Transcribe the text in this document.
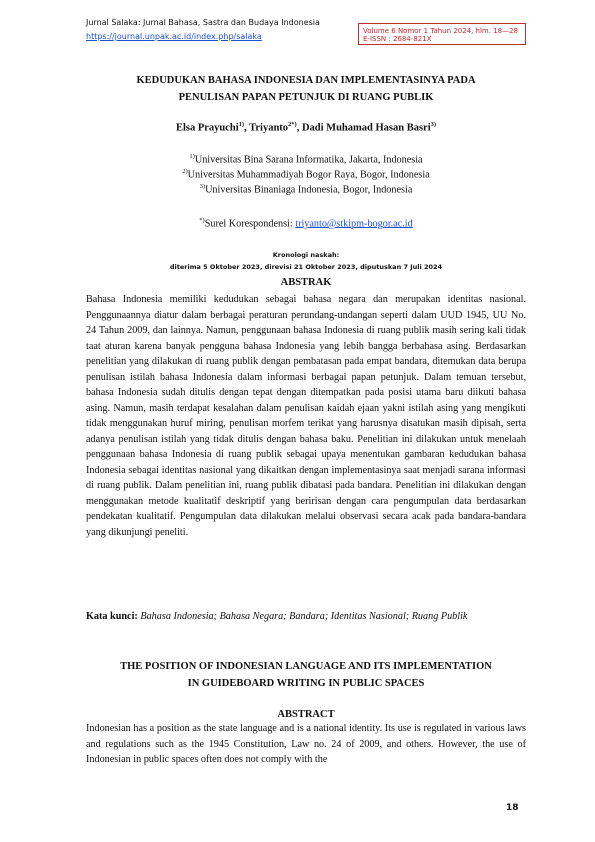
Jurnal Salaka: Jurnal Bahasa, Sastra dan Budaya Indonesia
https://journal.unpak.ac.id/index.php/salaka
Volume 6 Nomor 1 Tahun 2024, hlm. 18—28
E-ISSN : 2684-821X
KEDUDUKAN BAHASA INDONESIA DAN IMPLEMENTASINYA PADA
PENULISAN PAPAN PETUNJUK DI RUANG PUBLIK
Elsa Prayuchi$^{1)}$, Triyanto$^{2*)}$, Dadi Muhamad Hasan Basri$^{3)}$
$^{1)}$Universitas Bina Sarana Informatika, Jakarta, Indonesia
$^{2)}$Universitas Muhammadiyah Bogor Raya, Bogor, Indonesia
$^{3)}$Universitas Binaniaga Indonesia, Bogor, Indonesia
*)Surel Korespondensi: triyanto@stkipm-bogor.ac.id
Kronologi naskah:
diterima 5 Oktober 2023, direvisi 21 Oktober 2023, diputuskan 7 Juli 2024
ABSTRAK
Bahasa Indonesia memiliki kedudukan sebagai bahasa negara dan merupakan identitas nasional. Penggunaannya diatur dalam berbagai peraturan perundang-undangan seperti dalam UUD 1945, UU No. 24 Tahun 2009, dan lainnya. Namun, penggunaan bahasa Indonesia di ruang publik masih sering kali tidak taat aturan karena banyak pengguna bahasa Indonesia yang lebih bangga berbahasa asing. Berdasarkan penelitian yang dilakukan di ruang publik dengan pembatasan pada empat bandara, ditemukan data berupa penulisan istilah bahasa Indonesia dalam informasi berbagai papan petunjuk. Dalam temuan tersebut, bahasa Indonesia sudah ditulis dengan tepat dengan ditempatkan pada posisi utama baru diikuti bahasa asing. Namun, masih terdapat kesalahan dalam penulisan kaidah ejaan yakni istilah asing yang mengikuti tidak menggunakan huruf miring, penulisan morfem terikat yang harusnya disatukan masih dipisah, serta adanya penulisan istilah yang tidak ditulis dengan bahasa baku. Penelitian ini dilakukan untuk menelaah penggunaan bahasa Indonesia di ruang publik sebagai upaya menentukan gambaran kedudukan bahasa Indonesia sebagai identitas nasional yang dikaitkan dengan implementasinya saat menjadi sarana informasi di ruang publik. Dalam penelitian ini, ruang publik dibatasi pada bandara. Penelitian ini dilakukan dengan menggunakan metode kualitatif deskriptif yang beririsan dengan cara pengumpulan data berdasarkan pendekatan kualitatif. Pengumpulan data dilakukan melalui observasi secara acak pada bandara-bandara yang dikunjungi peneliti.
Kata kunci: Bahasa Indonesia; Bahasa Negara; Bandara; Identitas Nasional; Ruang Publik
THE POSITION OF INDONESIAN LANGUAGE AND ITS IMPLEMENTATION
IN GUIDEBOARD WRITING IN PUBLIC SPACES
ABSTRACT
Indonesian has a position as the state language and is a national identity. Its use is regulated in various laws and regulations such as the 1945 Constitution, Law no. 24 of 2009, and others. However, the use of Indonesian in public spaces often does not comply with the
18
